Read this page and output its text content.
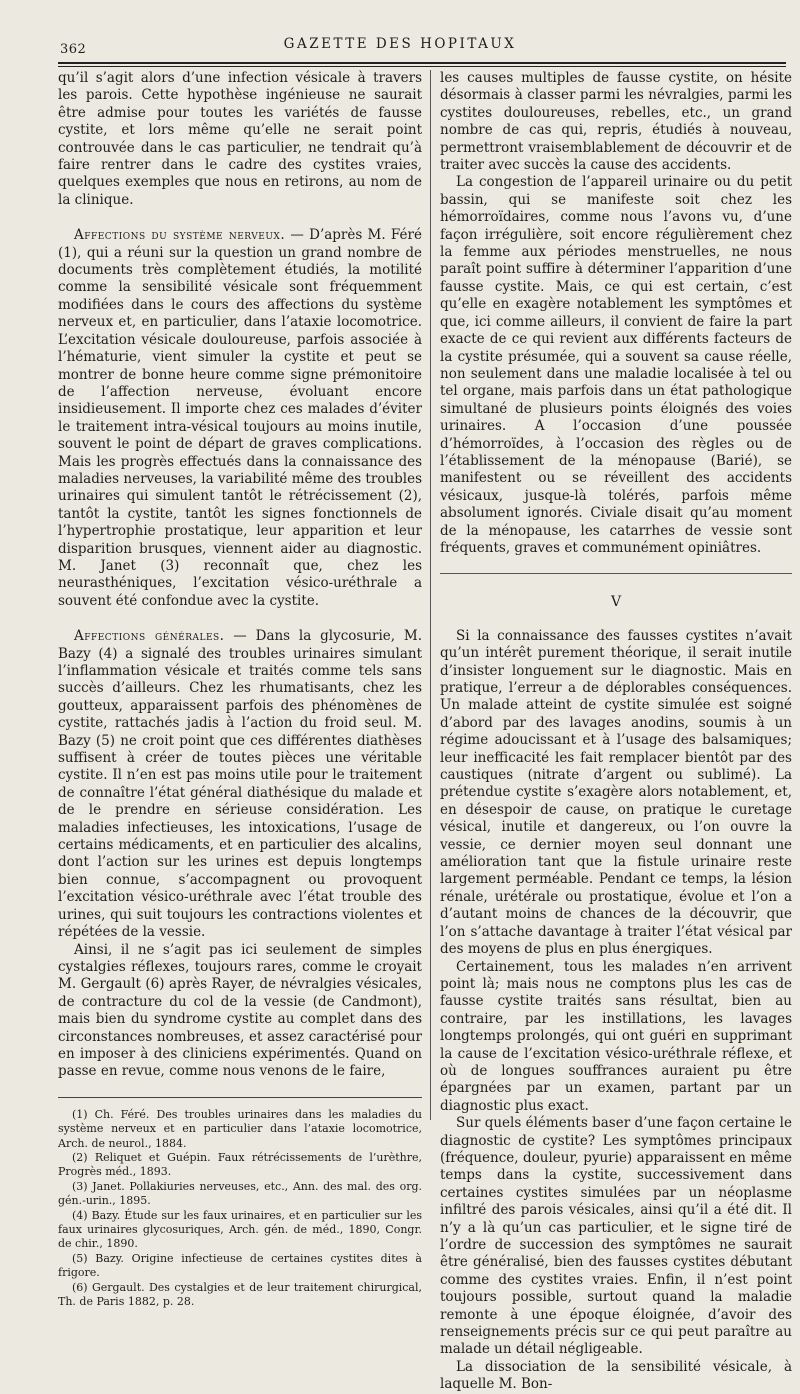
362	GAZETTE DES HOPITAUX

qu’il s’agit alors d’une infection vésicale à travers les parois. Cette hypothèse ingénieuse ne saurait être admise pour toutes les variétés de fausse cystite, et lors même qu’elle ne serait point controuvée dans le cas particulier, ne tendrait qu’à faire rentrer dans le cadre des cystites vraies, quelques exemples que nous en retirons, au nom de la clinique.

Affections du système nerveux. — D’après M. Féré (1), qui a réuni sur la question un grand nombre de documents très complètement étudiés, la motilité comme la sensibilité vésicale sont fréquemment modifiées dans le cours des affections du système nerveux et, en particulier, dans l’ataxie locomotrice. L’excitation vésicale douloureuse, parfois associée à l’hématurie, vient simuler la cystite et peut se montrer de bonne heure comme signe prémonitoire de l’affection nerveuse, évoluant encore insidieusement. Il importe chez ces malades d’éviter le traitement intra-vésical toujours au moins inutile, souvent le point de départ de graves complications. Mais les progrès effectués dans la connaissance des maladies nerveuses, la variabilité même des troubles urinaires qui simulent tantôt le rétrécissement (2), tantôt la cystite, tantôt les signes fonctionnels de l’hypertrophie prostatique, leur apparition et leur disparition brusques, viennent aider au diagnostic. M. Janet (3) reconnaît que, chez les neurasthéniques, l’excitation vésico-uréthrale a souvent été confondue avec la cystite.

Affections générales. — Dans la glycosurie, M. Bazy (4) a signalé des troubles urinaires simulant l’inflammation vésicale et traités comme tels sans succès d’ailleurs. Chez les rhumatisants, chez les goutteux, apparaissent parfois des phénomènes de cystite, rattachés jadis à l’action du froid seul. M. Bazy (5) ne croit point que ces différentes diathèses suffisent à créer de toutes pièces une véritable cystite. Il n’en est pas moins utile pour le traitement de connaître l’état général diathésique du malade et de le prendre en sérieuse considération. Les maladies infectieuses, les intoxications, l’usage de certains médicaments, et en particulier des alcalins, dont l’action sur les urines est depuis longtemps bien connue, s’accompagnent ou provoquent l’excitation vésico-uréthrale avec l’état trouble des urines, qui suit toujours les contractions violentes et répétées de la vessie.

Ainsi, il ne s’agit pas ici seulement de simples cystalgies réflexes, toujours rares, comme le croyait M. Gergault (6) après Rayer, de névralgies vésicales, de contracture du col de la vessie (de Candmont), mais bien du syndrome cystite au complet dans des circonstances nombreuses, et assez caractérisé pour en imposer à des cliniciens expérimentés. Quand on passe en revue, comme nous venons de le faire,

(1) Ch. Féré. Des troubles urinaires dans les maladies du système nerveux et en particulier dans l’ataxie locomotrice, Arch. de neurol., 1884.

(2) Reliquet et Guépin. Faux rétrécissements de l’urèthre, Progrès méd., 1893.

(3) Janet. Pollakiuries nerveuses, etc., Ann. des mal. des org. gén.-urin., 1895.

(4) Bazy. Étude sur les faux urinaires, et en particulier sur les faux urinaires glycosuriques, Arch. gén. de méd., 1890, Congr. de chir., 1890.

(5) Bazy. Origine infectieuse de certaines cystites dites à frigore.

(6) Gergault. Des cystalgies et de leur traitement chirurgical, Th. de Paris 1882, p. 28.

les causes multiples de fausse cystite, on hésite désormais à classer parmi les névralgies, parmi les cystites douloureuses, rebelles, etc., un grand nombre de cas qui, repris, étudiés à nouveau, permettront vraisemblablement de découvrir et de traiter avec succès la cause des accidents.

La congestion de l’appareil urinaire ou du petit bassin, qui se manifeste soit chez les hémorroïdaires, comme nous l’avons vu, d’une façon irrégulière, soit encore régulièrement chez la femme aux périodes menstruelles, ne nous paraît point suffire à déterminer l’apparition d’une fausse cystite. Mais, ce qui est certain, c’est qu’elle en exagère notablement les symptômes et que, ici comme ailleurs, il convient de faire la part exacte de ce qui revient aux différents facteurs de la cystite présumée, qui a souvent sa cause réelle, non seulement dans une maladie localisée à tel ou tel organe, mais parfois dans un état pathologique simultané de plusieurs points éloignés des voies urinaires. A l’occasion d’une poussée d’hémorroïdes, à l’occasion des règles ou de l’établissement de la ménopause (Barié), se manifestent ou se réveillent des accidents vésicaux, jusque-là tolérés, parfois même absolument ignorés. Civiale disait qu’au moment de la ménopause, les catarrhes de vessie sont fréquents, graves et communément opiniâtres.

V

Si la connaissance des fausses cystites n’avait qu’un intérêt purement théorique, il serait inutile d’insister longuement sur le diagnostic. Mais en pratique, l’erreur a de déplorables conséquences. Un malade atteint de cystite simulée est soigné d’abord par des lavages anodins, soumis à un régime adoucissant et à l’usage des balsamiques; leur inefficacité les fait remplacer bientôt par des caustiques (nitrate d’argent ou sublimé). La prétendue cystite s’exagère alors notablement, et, en désespoir de cause, on pratique le curetage vésical, inutile et dangereux, ou l’on ouvre la vessie, ce dernier moyen seul donnant une amélioration tant que la fistule urinaire reste largement perméable. Pendant ce temps, la lésion rénale, urétérale ou prostatique, évolue et l’on a d’autant moins de chances de la découvrir, que l’on s’attache davantage à traiter l’état vésical par des moyens de plus en plus énergiques.

Certainement, tous les malades n’en arrivent point là; mais nous ne comptons plus les cas de fausse cystite traités sans résultat, bien au contraire, par les instillations, les lavages longtemps prolongés, qui ont guéri en supprimant la cause de l’excitation vésico-uréthrale réflexe, et où de longues souffrances auraient pu être épargnées par un examen, partant par un diagnostic plus exact.

Sur quels éléments baser d’une façon certaine le diagnostic de cystite? Les symptômes principaux (fréquence, douleur, pyurie) apparaissent en même temps dans la cystite, successivement dans certaines cystites simulées par un néoplasme infiltré des parois vésicales, ainsi qu’il a été dit. Il n’y a là qu’un cas particulier, et le signe tiré de l’ordre de succession des symptômes ne saurait être généralisé, bien des fausses cystites débutant comme des cystites vraies. Enfin, il n’est point toujours possible, surtout quand la maladie remonte à une époque éloignée, d’avoir des renseignements précis sur ce qui peut paraître au malade un détail négligeable.

La dissociation de la sensibilité vésicale, à laquelle M. Bon-
